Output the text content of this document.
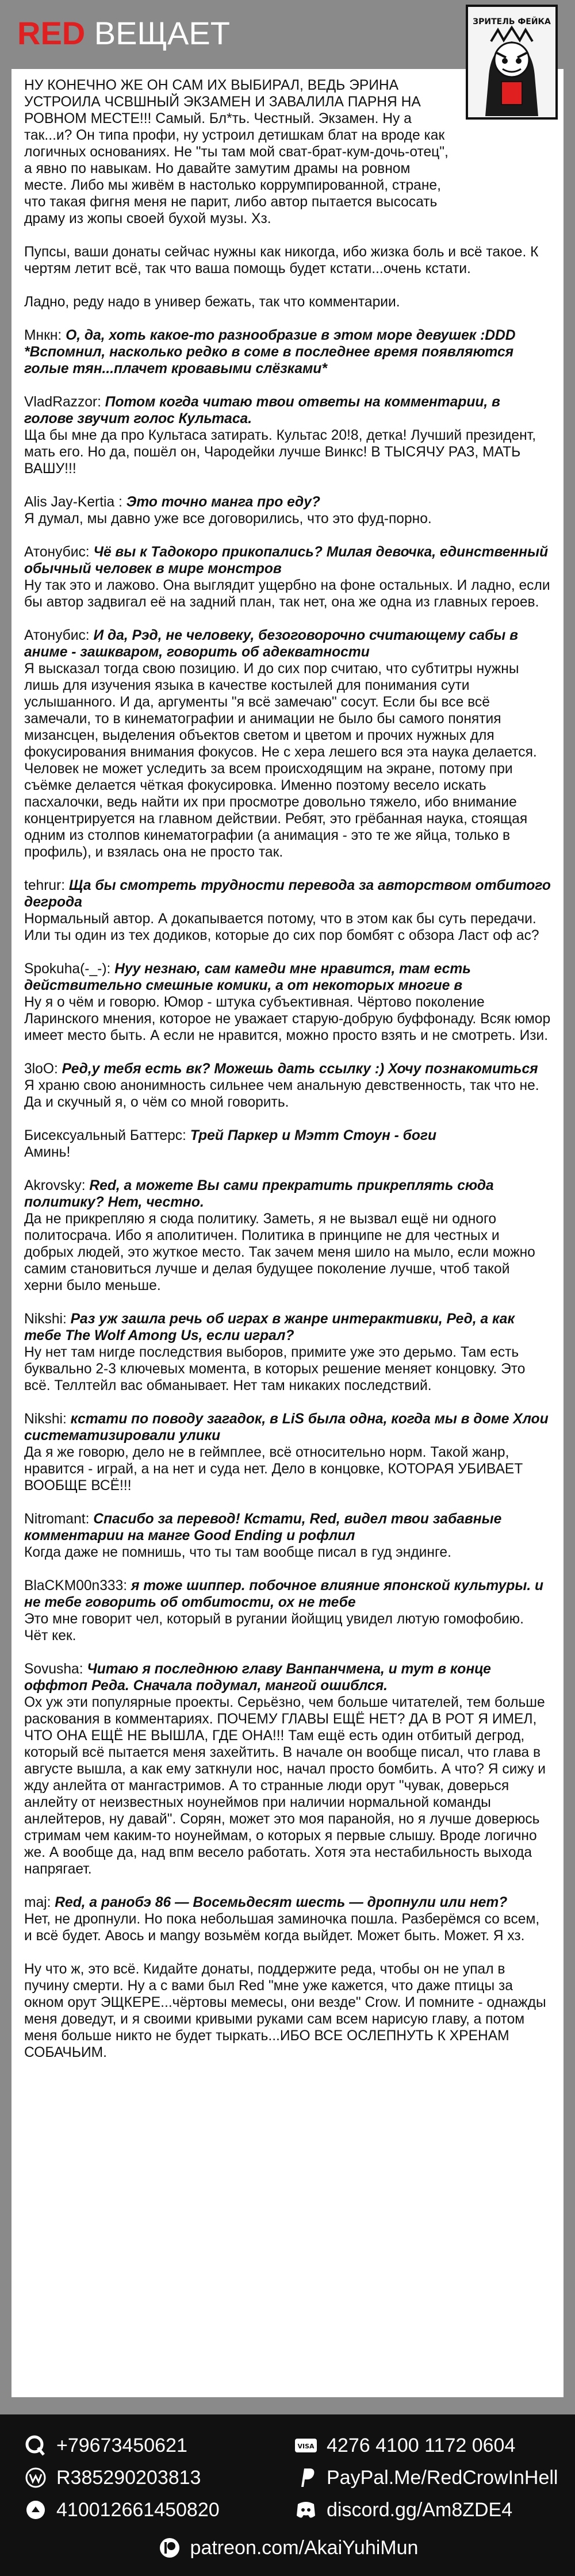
RED ВЕЩАЕТ	ЗРИТЕЛЬ ФЕЙКА

НУ КОНЕЧНО ЖЕ ОН САМ ИХ ВЫБИРАЛ, ВЕДЬ ЭРИНА УСТРОИЛА ЧСВШНЫЙ ЭКЗАМЕН И ЗАВАЛИЛА ПАРНЯ НА РОВНОМ МЕСТЕ!!! Самый. Бл*ть. Честный. Экзамен. Ну а так...и? Он типа профи, ну устроил детишкам блат на вроде как логичных основаниях. Не "ты там мой сват-брат-кум-дочь-отец", а явно по навыкам. Но давайте замутим драмы на ровном месте. Либо мы живём в настолько коррумпированной, стране, что такая фигня меня не парит, либо автор пытается высосать драму из жопы своей бухой музы. Хз.

Пупсы, ваши донаты сейчас нужны как никогда, ибо жизка боль и всё такое. К чертям летит всё, так что ваша помощь будет кстати...очень кстати.

Ладно, реду надо в универ бежать, так что комментарии.

Мнкн: О, да, хоть какое-то разнообразие в этом море девушек :DDD *Вспомнил, насколько редко в соме в последнее время появляются голые тян...плачет кровавыми слёзками*

VladRazzor: Потом когда читаю твои ответы на комментарии, в голове звучит голос Культаса.
Ща бы мне да про Культаса затирать. Культас 20!8, детка! Лучший президент, мать его. Но да, пошёл он, Чародейки лучше Винкс! В ТЫСЯЧУ РАЗ, МАТЬ ВАШУ!!!

Alis Jay-Kertia : Это точно манга про еду?
Я думал, мы давно уже все договорились, что это фуд-порно.

Атонубис: Чё вы к Тадокоро прикопались? Милая девочка, единственный обычный человек в мире монстров
Ну так это и лажово. Она выглядит ущербно на фоне остальных. И ладно, если бы автор задвигал её на задний план, так нет, она же одна из главных героев.

Атонубис: И да, Рэд, не человеку, безоговорочно считающему сабы в аниме - зашкваром, говорить об адекватности
Я высказал тогда свою позицию. И до сих пор считаю, что субтитры нужны лишь для изучения языка в качестве костылей для понимания сути услышанного. И да, аргументы "я всё замечаю" сосут. Если бы все всё замечали, то в кинематографии и анимации не было бы самого понятия мизансцен, выделения объектов светом и цветом и прочих нужных для фокусирования внимания фокусов. Не с хера лешего вся эта наука делается. Человек не может уследить за всем происходящим на экране, потому при съёмке делается чёткая фокусировка. Именно поэтому весело искать пасхалочки, ведь найти их при просмотре довольно тяжело, ибо внимание концентрируется на главном действии. Ребят, это грёбанная наука, стоящая одним из столпов кинематографии (а анимация - это те же яйца, только в профиль), и взялась она не просто так.

tehrur: Ща бы смотреть трудности перевода за авторством отбитого дегрода
Нормальный автор. А докапывается потому, что в этом как бы суть передачи. Или ты один из тех додиков, которые до сих пор бомбят с обзора Ласт оф ас?

Spokuha(-_-): Нуу незнаю, сам камеди мне нравится, там есть действительно смешные комики, а от некоторых многие в
Ну я о чём и говорю. Юмор - штука субъективная. Чёртово поколение Ларинского мнения, которое не уважает старую-добрую буффонаду. Всяк юмор имеет место быть. А если не нравится, можно просто взять и не смотреть. Изи.

3loO: Ред,у тебя есть вк? Можешь дать ссылку :) Хочу познакомиться
Я храню свою анонимность сильнее чем анальную девственность, так что не. Да и скучный я, о чём со мной говорить.

Бисексуальный Баттерс: Трей Паркер и Мэтт Стоун - боги
Аминь!

Akrovsky: Red, а можете Вы сами прекратить прикреплять сюда политику? Нет, честно.
Да не прикрепляю я сюда политику. Заметь, я не вызвал ещё ни одного политосрача. Ибо я аполитичен. Политика в принципе не для честных и добрых людей, это жуткое место. Так зачем меня шило на мыло, если можно самим становиться лучше и делая будущее поколение лучше, чтоб такой херни было меньше.

Nikshi: Раз уж зашла речь об играх в жанре интерактивки, Ред, а как тебе The Wolf Among Us, если играл?
Ну нет там нигде последствия выборов, примите уже это дерьмо. Там есть буквально 2-3 ключевых момента, в которых решение меняет концовку. Это всё. Теллтейл вас обманывает. Нет там никаких последствий.

Nikshi: кстати по поводу загадок, в LiS была одна, когда мы в доме Хлои систематизировали улики
Да я же говорю, дело не в геймплее, всё относительно норм. Такой жанр, нравится - играй, а на нет и суда нет. Дело в концовке, КОТОРАЯ УБИВАЕТ ВООБЩЕ ВСЁ!!!

Nitromant: Спасибо за перевод! Кстати, Red, видел твои забавные комментарии на манге Good Ending и рофлил
Когда даже не помнишь, что ты там вообще писал в гуд эндинге.

BlaCKM00n333: я тоже шиппер. побочное влияние японской культуры. и не тебе говорить об отбитости, ох не тебе
Это мне говорит чел, который в ругании йойщиц увидел лютую гомофобию. Чёт кек.

Sovusha: Читаю я последнюю главу Ванпанчмена, и тут в конце оффтоп Реда. Сначала подумал, мангой ошиблся.
Ох уж эти популярные проекты. Серьёзно, чем больше читателей, тем больше раскования в комментариях. ПОЧЕМУ ГЛАВЫ ЕЩЁ НЕТ? ДА В РОТ Я ИМЕЛ, ЧТО ОНА ЕЩЁ НЕ ВЫШЛА, ГДЕ ОНА!!! Там ещё есть один отбитый дегрод, который всё пытается меня захейтить. В начале он вообще писал, что глава в августе вышла, а как ему заткнули нос, начал просто бомбить. А что? Я сижу и жду анлейта от мангастримов. А то странные люди орут "чувак, доверься анлейту от неизвестных ноунеймов при наличии нормальной команды анлейтеров, ну давай". Сорян, может это моя паранойя, но я лучше доверюсь стримам чем каким-то ноунеймам, о которых я первые слышу. Вроде логично же. А вообще да, над впм весело работать. Хотя эта нестабильность выхода напрягает.

maj: Red, а ранобэ 86 — Восемьдесят шесть — дропнули или нет?
Нет, не дропнули. Но пока небольшая заминочка пошла. Разберёмся со всем, и всё будет. Авось и маngу возьмём когда выйдет. Может быть. Может. Я хз.

Ну что ж, это всё. Кидайте донаты, поддержите реда, чтобы он не упал в пучину смерти. Ну а с вами был Red "мне уже кажется, что даже птицы за окном орут ЭЩКЕРЕ...чёртовы мемесы, они везде" Crow. И помните - однажды меня доведут, и я своими кривыми руками сам всем нарисую главу, а потом меня больше никто не будет тыркать...ИБО ВСЕ ОСЛЕПНУТЬ К ХРЕНАМ СОБАЧЬИМ.

+79673450621
R385290203813
410012661450820
VISA 4276 4100 1172 0604
PayPal.Me/RedCrowInHell
discord.gg/Am8ZDE4
patreon.com/AkaiYuhiMun
